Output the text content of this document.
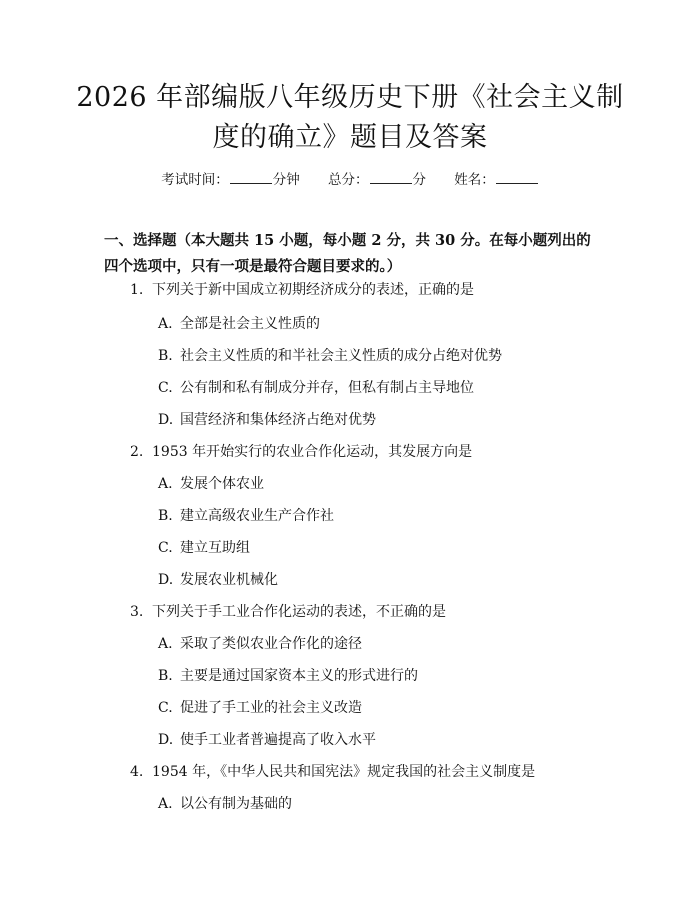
2026 年部编版八年级历史下册《社会主义制
度的确立》题目及答案
考试时间：	分钟 总分：	分 姓名：
一、选择题（本大题共 15 小题，每小题 2 分，共 30 分。在每小题列出的四个选项中，只有一项是最符合题目要求的。）
1. 下列关于新中国成立初期经济成分的表述，正确的是
A. 全部是社会主义性质的
B. 社会主义性质的和半社会主义性质的成分占绝对优势
C. 公有制和私有制成分并存，但私有制占主导地位
D. 国营经济和集体经济占绝对优势
2. 1953 年开始实行的农业合作化运动，其发展方向是
A. 发展个体农业
B. 建立高级农业生产合作社
C. 建立互助组
D. 发展农业机械化
3. 下列关于手工业合作化运动的表述，不正确的是
A. 采取了类似农业合作化的途径
B. 主要是通过国家资本主义的形式进行的
C. 促进了手工业的社会主义改造
D. 使手工业者普遍提高了收入水平
4. 1954 年，《中华人民共和国宪法》规定我国的社会主义制度是
A. 以公有制为基础的
